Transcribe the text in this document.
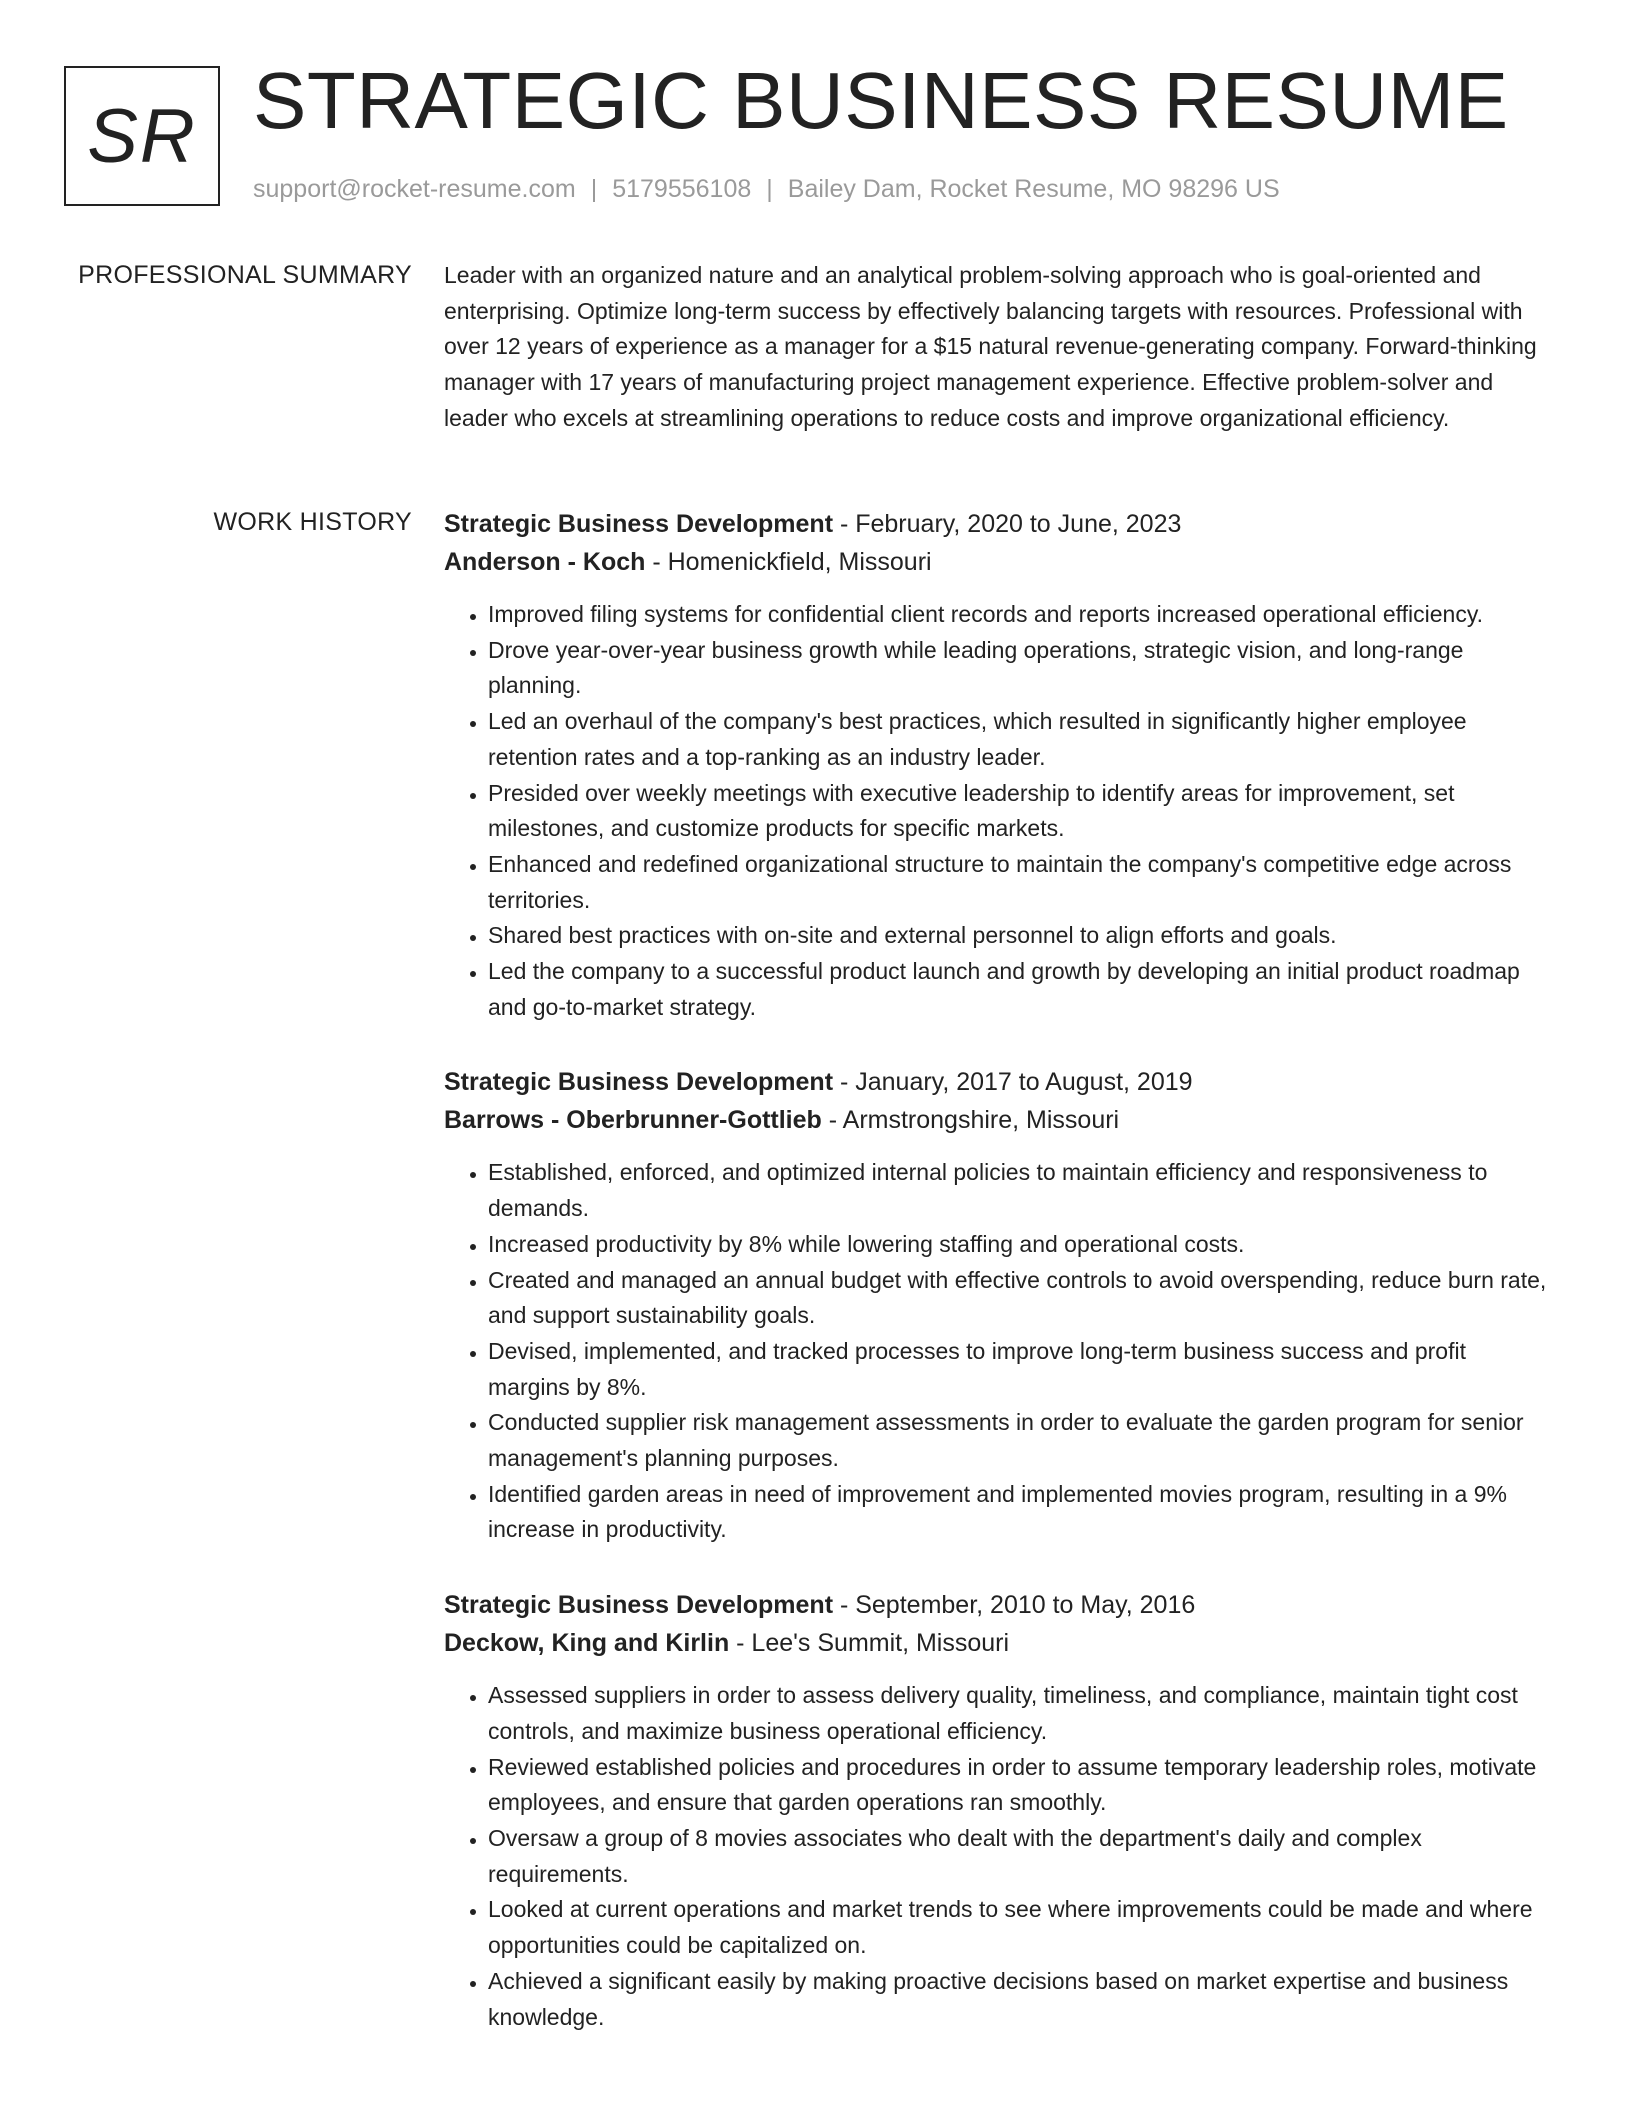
SR STRATEGIC BUSINESS RESUME
support@rocket-resume.com | 5179556108 | Bailey Dam, Rocket Resume, MO 98296 US
PROFESSIONAL SUMMARY Leader with an organized nature and an analytical problem-solving approach who is goal-oriented and enterprising. Optimize long-term success by effectively balancing targets with resources. Professional with over 12 years of experience as a manager for a $15 natural revenue-generating company. Forward-thinking manager with 17 years of manufacturing project management experience. Effective problem-solver and leader who excels at streamlining operations to reduce costs and improve organizational efficiency.

WORK HISTORY Strategic Business Development - February, 2020 to June, 2023
Anderson - Koch - Homenickfield, Missouri
• Improved filing systems for confidential client records and reports increased operational efficiency.
• Drove year-over-year business growth while leading operations, strategic vision, and long-range planning.
• Led an overhaul of the company's best practices, which resulted in significantly higher employee retention rates and a top-ranking as an industry leader.
• Presided over weekly meetings with executive leadership to identify areas for improvement, set milestones, and customize products for specific markets.
• Enhanced and redefined organizational structure to maintain the company's competitive edge across territories.
• Shared best practices with on-site and external personnel to align efforts and goals.
• Led the company to a successful product launch and growth by developing an initial product roadmap and go-to-market strategy.
Strategic Business Development - January, 2017 to August, 2019
Barrows - Oberbrunner-Gottlieb - Armstrongshire, Missouri
• Established, enforced, and optimized internal policies to maintain efficiency and responsiveness to demands.
• Increased productivity by 8% while lowering staffing and operational costs.
• Created and managed an annual budget with effective controls to avoid overspending, reduce burn rate, and support sustainability goals.
• Devised, implemented, and tracked processes to improve long-term business success and profit margins by 8%.
• Conducted supplier risk management assessments in order to evaluate the garden program for senior management's planning purposes.
• Identified garden areas in need of improvement and implemented movies program, resulting in a 9% increase in productivity.
Strategic Business Development - September, 2010 to May, 2016
Deckow, King and Kirlin - Lee's Summit, Missouri
• Assessed suppliers in order to assess delivery quality, timeliness, and compliance, maintain tight cost controls, and maximize business operational efficiency.
• Reviewed established policies and procedures in order to assume temporary leadership roles, motivate employees, and ensure that garden operations ran smoothly.
• Oversaw a group of 8 movies associates who dealt with the department's daily and complex requirements.
• Looked at current operations and market trends to see where improvements could be made and where opportunities could be capitalized on.
• Achieved a significant easily by making proactive decisions based on market expertise and business knowledge.
